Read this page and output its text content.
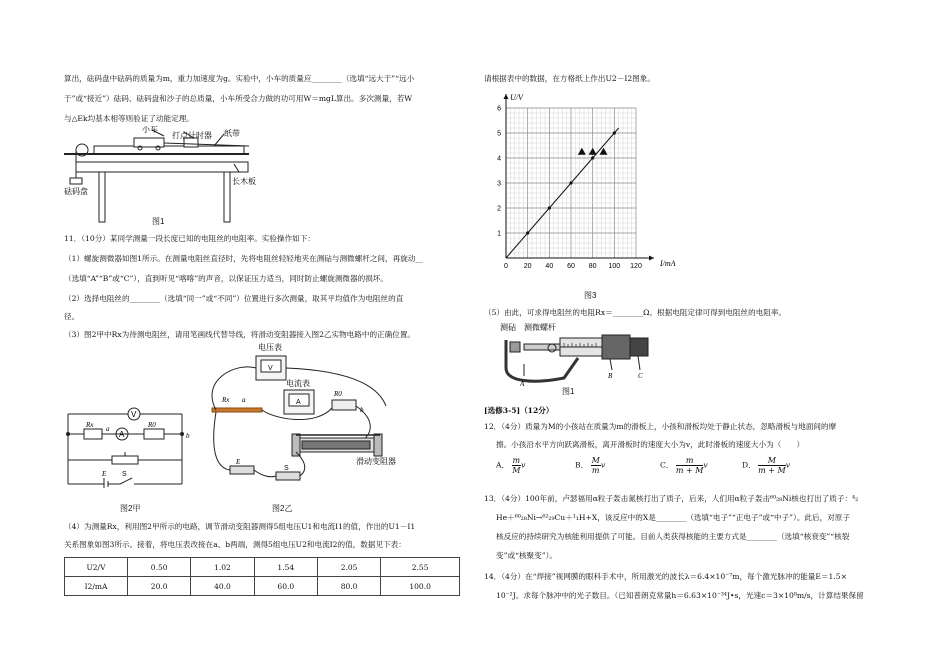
算出，砝码盘中砝码的质量为m，重力加速度为g。实验中，小车的质量应________（选填“远大于”“远小
于”或“接近”）砝码、砝码盘和沙子的总质量，小车所受合力做的功可用W＝mgL算出。多次测量，若W
与△Ek均基本相等则验证了动能定理。
小车
打点计时器 纸带
砝码盘
长木板
图1
11．（10分）某同学测量一段长度已知的电阻丝的电阻率。实验操作如下：
（1）螺旋测微器如图1所示。在测量电阻丝直径时，先将电阻丝轻轻地夹在测砧与测微螺杆之间，再旋动__
（选填“A”“B”或“C”），直到听见“喀喀”的声音，以保证压力适当，同时防止螺旋测微器的损坏。
（2）选择电阻丝的________（选填“同一”或“不同”）位置进行多次测量，取其平均值作为电阻丝的直
径。
（3）图2甲中Rx为待测电阻丝，请用笔画线代替导线，将滑动变阻器接入图2乙实物电路中的正确位置。
V
A
Rx	R0
a
b
E S
图2甲
电压表
电流表
V
A
Rx a
R0
b
滑动变阻器
E
S
图2乙
（4）为测量Rx，利用图2甲所示的电路，调节滑动变阻器测得5组电压U1和电流I1的值，作出的U1－I1
关系图象如图3所示。接着，将电压表改接在a、b两端，测得5组电压U2和电流I2的值，数据见下表：
U2/V	0.50	1.02	1.54	2.05	2.55
I2/mA	20.0	40.0	60.0	80.0	100.0
请根据表中的数据，在方格纸上作出U2－I2图象。
0 20 40 60 80 100 120
1
2
3
4
5
6
U/V
I/mA
图3
（5）由此，可求得电阻丝的电阻Rx＝________Ω。根据电阻定律可得到电阻丝的电阻率。
测砧 测微螺杆
A
B	C
图1
[选修3-5]（12分）
12．（4分）质量为M的小孩站在质量为m的滑板上，小孩和滑板均处于静止状态，忽略滑板与地面间的摩
擦。小孩沿水平方向跃离滑板，离开滑板时的速度大小为v，此时滑板的速度大小为（　　）
A． $\frac{m}{M}$ v	B． $\frac{M}{m}$ v	C． $\frac{m}{m + M}$ v	D． $\frac{M}{m + M}$ v
13．（4分）100年前，卢瑟福用α粒子轰击氮核打出了质子，后来，人们用α粒子轰击⁶⁰₂₈Ni核也打出了质子：⁴₂
He＋⁶⁰₂₈Ni→⁶²₂₉Cu＋¹₁H+X，该反应中的X是________（选填“电子”“正电子”或“中子”）。此后，对原子
核反应的持续研究为核能利用提供了可能。目前人类获得核能的主要方式是________（选填“核衰变”“核裂
变”或“核聚变”）。
14．（4分）在“焊接”视网膜的眼科手术中，所用激光的波长λ＝6.4×10⁻⁷m，每个激光脉冲的能量E＝1.5×
10⁻²J。求每个脉冲中的光子数目。（已知普朗克常量h＝6.63×10⁻³⁴J•s，光速c＝3×10⁸m/s，计算结果保留
